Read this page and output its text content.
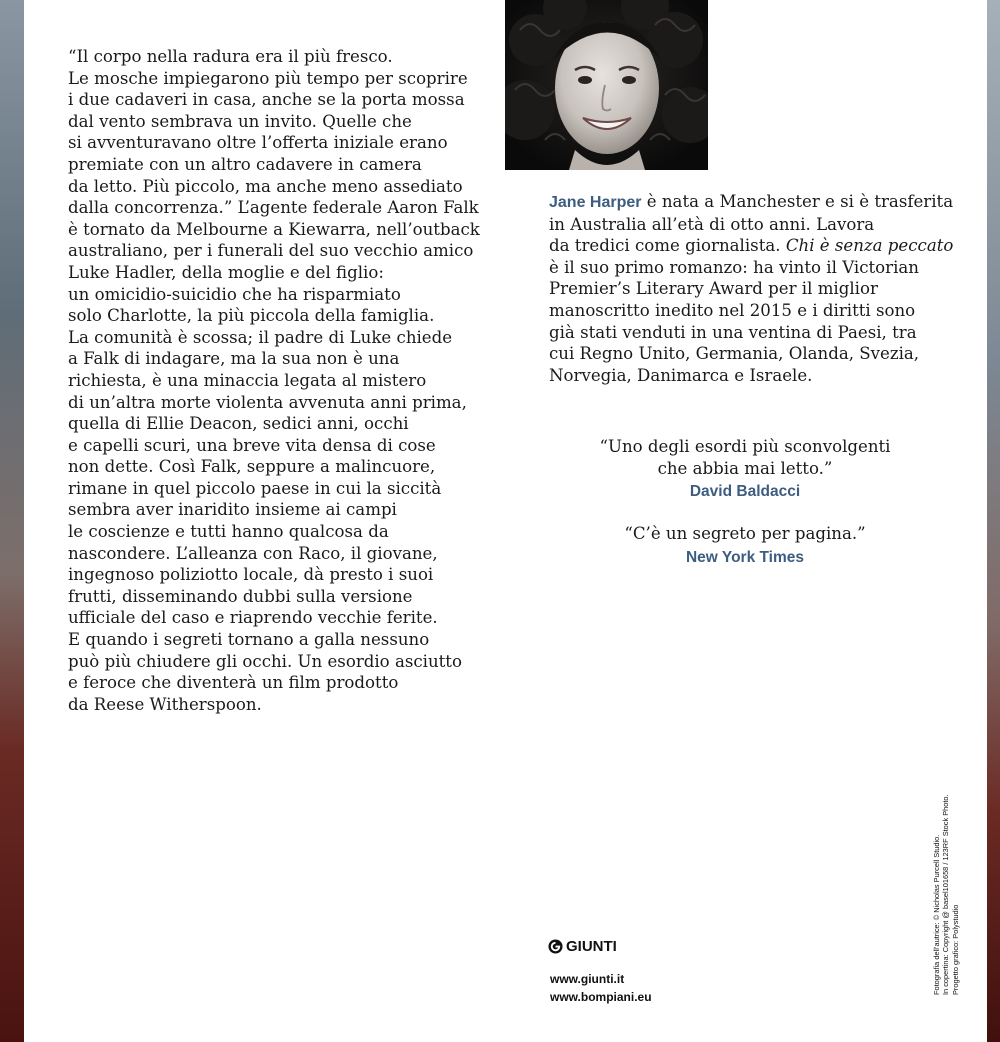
“Il corpo nella radura era il più fresco.
Le mosche impiegarono più tempo per scoprire
i due cadaveri in casa, anche se la porta mossa
dal vento sembrava un invito. Quelle che
si avventuravano oltre l’offerta iniziale erano
premiate con un altro cadavere in camera
da letto. Più piccolo, ma anche meno assediato
dalla concorrenza.” L’agente federale Aaron Falk
è tornato da Melbourne a Kiewarra, nell’outback
australiano, per i funerali del suo vecchio amico
Luke Hadler, della moglie e del figlio:
un omicidio-suicidio che ha risparmiato
solo Charlotte, la più piccola della famiglia.
La comunità è scossa; il padre di Luke chiede
a Falk di indagare, ma la sua non è una
richiesta, è una minaccia legata al mistero
di un’altra morte violenta avvenuta anni prima,
quella di Ellie Deacon, sedici anni, occhi
e capelli scuri, una breve vita densa di cose
non dette. Così Falk, seppure a malincuore,
rimane in quel piccolo paese in cui la siccità
sembra aver inaridito insieme ai campi
le coscienze e tutti hanno qualcosa da
nascondere. L’alleanza con Raco, il giovane,
ingegnoso poliziotto locale, dà presto i suoi
frutti, disseminando dubbi sulla versione
ufficiale del caso e riaprendo vecchie ferite.
E quando i segreti tornano a galla nessuno
può più chiudere gli occhi. Un esordio asciutto
e feroce che diventerà un film prodotto
da Reese Witherspoon.
Jane Harper è nata a Manchester e si è trasferita
in Australia all’età di otto anni. Lavora
da tredici come giornalista. Chi è senza peccato
è il suo primo romanzo: ha vinto il Victorian
Premier’s Literary Award per il miglior
manoscritto inedito nel 2015 e i diritti sono
già stati venduti in una ventina di Paesi, tra
cui Regno Unito, Germania, Olanda, Svezia,
Norvegia, Danimarca e Israele.
“Uno degli esordi più sconvolgenti
che abbia mai letto.”
David Baldacci
“C’è un segreto per pagina.”
New York Times
GIUNTI
www.giunti.it
www.bompiani.eu
Fotografia dell’autrice: © Nicholas Purcell Studio. In copertina: Copyright @ basel101658 / 123RF Stock Photo. Progetto grafico: Polystudio
